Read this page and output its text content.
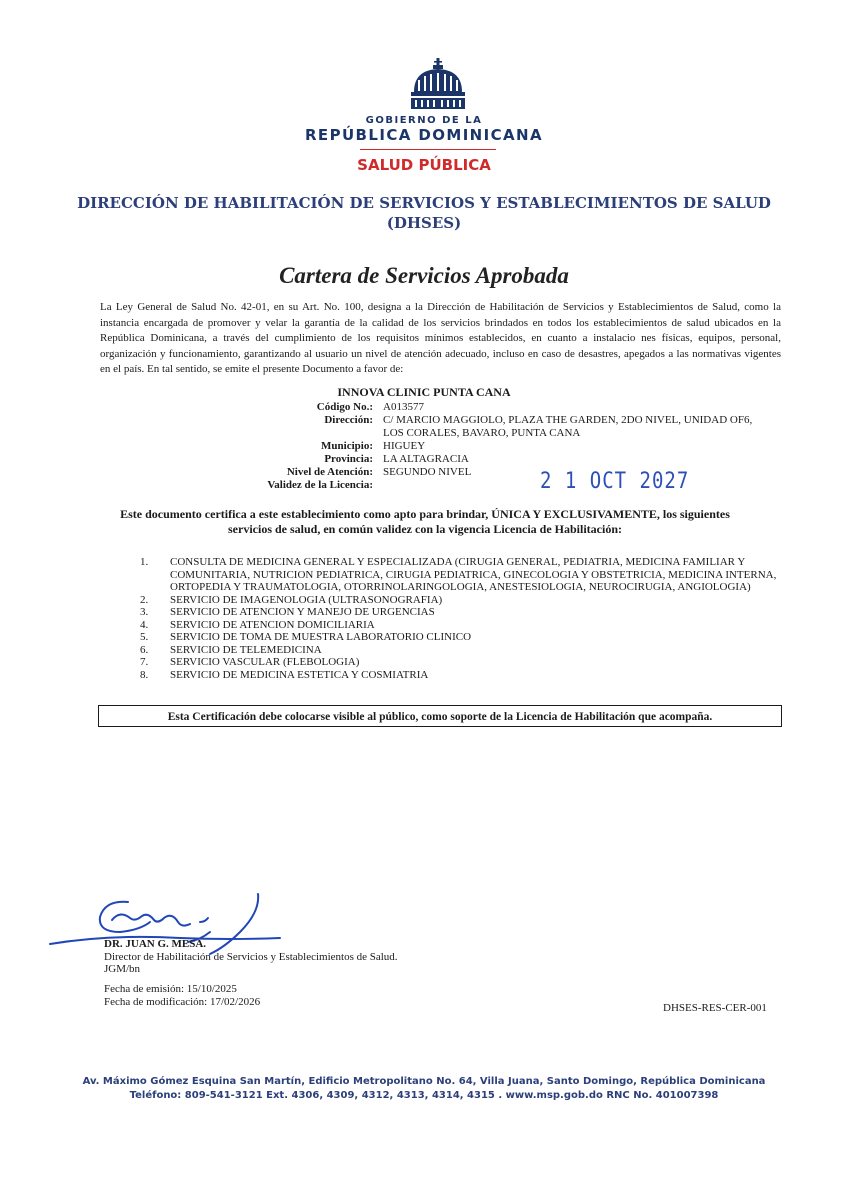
GOBIERNO DE LA
REPÚBLICA DOMINICANA
SALUD PÚBLICA
DIRECCIÓN DE HABILITACIÓN DE SERVICIOS Y ESTABLECIMIENTOS DE SALUD
(DHSES)
Cartera de Servicios Aprobada
La Ley General de Salud No. 42-01, en su Art. No. 100, designa a la Dirección de Habilitación de Servicios y Establecimientos de Salud, como la instancia encargada de promover y velar la garantía de la calidad de los servicios brindados en todos los establecimientos de salud ubicados en la República Dominicana, a través del cumplimiento de los requisitos mínimos establecidos, en cuanto a instalacio nes físicas, equipos, personal, organización y funcionamiento, garantizando al usuario un nivel de atención adecuado, incluso en caso de desastres, apegados a las normativas vigentes en el país. En tal sentido, se emite el presente Documento a favor de:
INNOVA CLINIC PUNTA CANA
Código No.:	A013577
Dirección:	C/ MARCIO MAGGIOLO, PLAZA THE GARDEN, 2DO NIVEL, UNIDAD OF6, LOS CORALES, BAVARO, PUNTA CANA
Municipio:	HIGUEY
Provincia:	LA ALTAGRACIA
Nivel de Atención:	SEGUNDO NIVEL
Validez de la Licencia:		2 1 OCT 2027
Este documento certifica a este establecimiento como apto para brindar, ÚNICA Y EXCLUSIVAMENTE, los siguientes servicios de salud, en común validez con la vigencia Licencia de Habilitación:
1.	CONSULTA DE MEDICINA GENERAL Y ESPECIALIZADA (CIRUGIA GENERAL, PEDIATRIA, MEDICINA FAMILIAR Y COMUNITARIA, NUTRICION PEDIATRICA, CIRUGIA PEDIATRICA, GINECOLOGIA Y OBSTETRICIA, MEDICINA INTERNA, ORTOPEDIA Y TRAUMATOLOGIA, OTORRINOLARINGOLOGIA, ANESTESIOLOGIA, NEUROCIRUGIA, ANGIOLOGIA)
2.	SERVICIO DE IMAGENOLOGIA (ULTRASONOGRAFIA)
3.	SERVICIO DE ATENCION Y MANEJO DE URGENCIAS
4.	SERVICIO DE ATENCION DOMICILIARIA
5.	SERVICIO DE TOMA DE MUESTRA LABORATORIO CLINICO
6.	SERVICIO DE TELEMEDICINA
7.	SERVICIO VASCULAR (FLEBOLOGIA)
8.	SERVICIO DE MEDICINA ESTETICA Y COSMIATRIA
Esta Certificación debe colocarse visible al público, como soporte de la Licencia de Habilitación que acompaña.
DR. JUAN G. MESA.
Director de Habilitación de Servicios y Establecimientos de Salud.
JGM/bn
Fecha de emisión: 15/10/2025
Fecha de modificación: 17/02/2026
DHSES-RES-CER-001
Av. Máximo Gómez Esquina San Martín, Edificio Metropolitano No. 64, Villa Juana, Santo Domingo, República Dominicana
Teléfono: 809-541-3121 Ext. 4306, 4309, 4312, 4313, 4314, 4315 . www.msp.gob.do RNC No. 401007398
